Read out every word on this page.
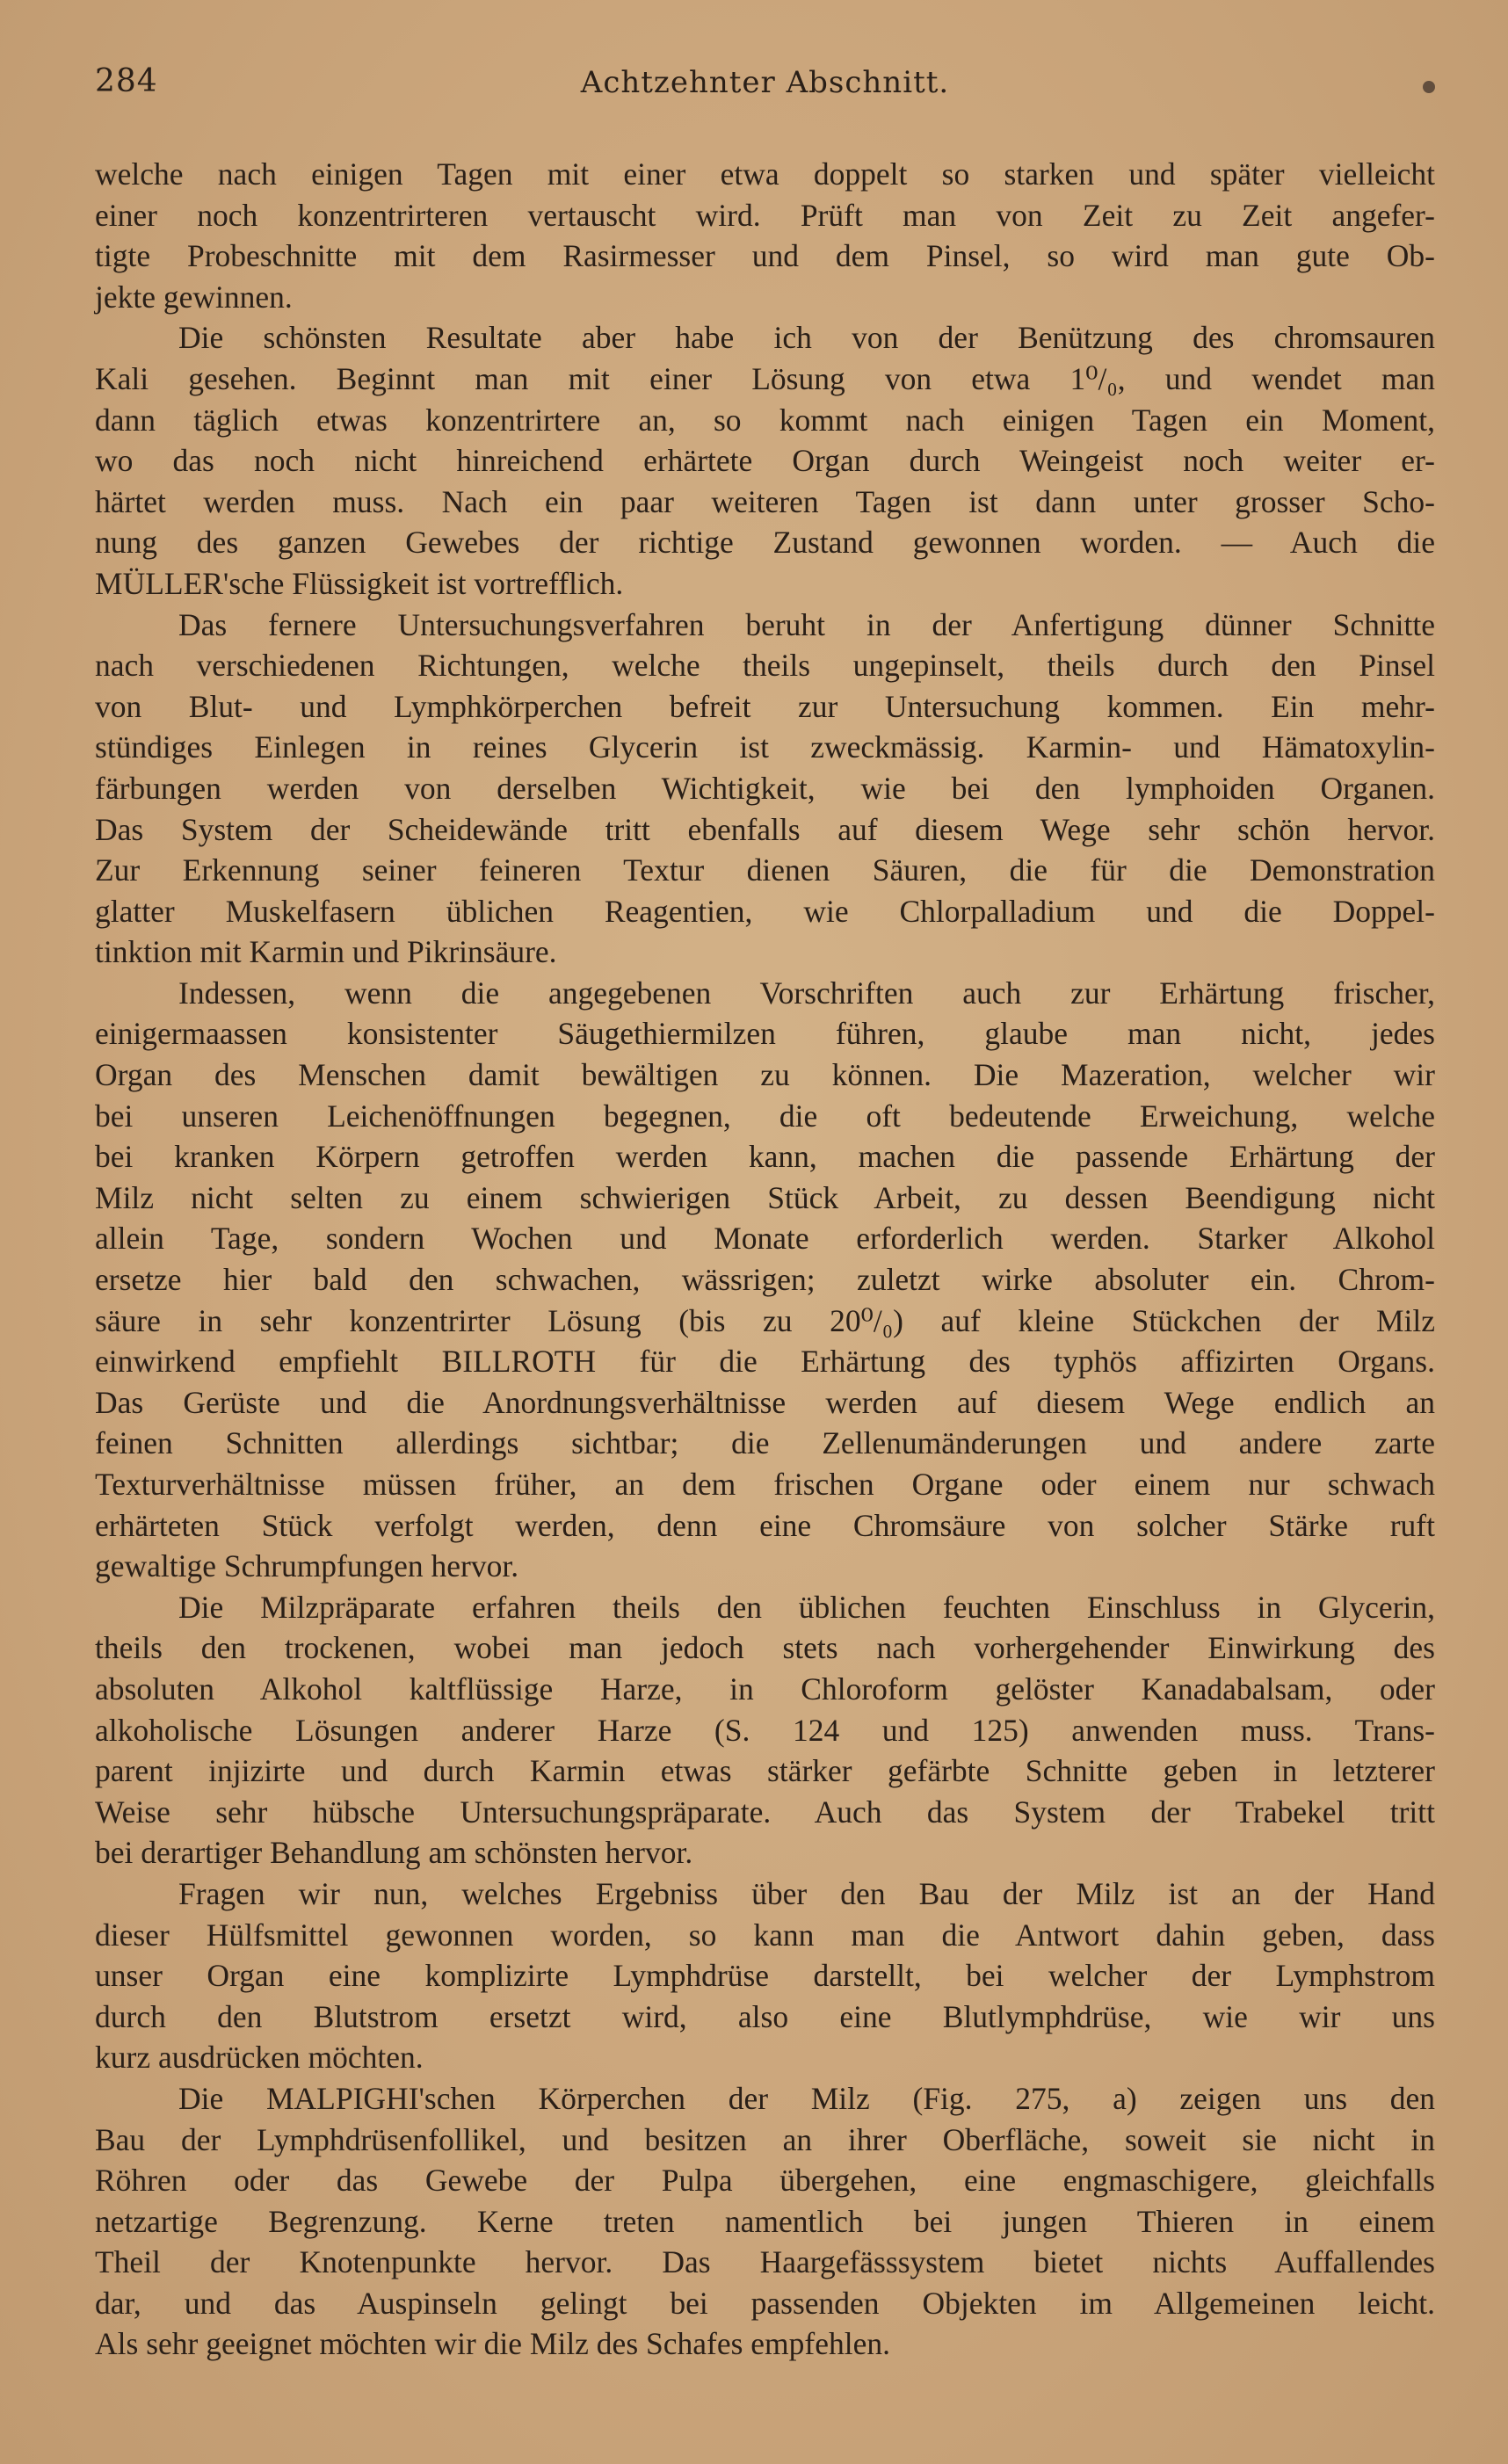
284	Achtzehnter Abschnitt.
welche nach einigen Tagen mit einer etwa doppelt so starken und später vielleicht
einer noch konzentrirteren vertauscht wird. Prüft man von Zeit zu Zeit angefer-
tigte Probeschnitte mit dem Rasirmesser und dem Pinsel, so wird man gute Ob-
jekte gewinnen.
Die schönsten Resultate aber habe ich von der Benützung des chromsauren
Kali gesehen. Beginnt man mit einer Lösung von etwa 1⁰/₀, und wendet man
dann täglich etwas konzentrirtere an, so kommt nach einigen Tagen ein Moment,
wo das noch nicht hinreichend erhärtete Organ durch Weingeist noch weiter er-
härtet werden muss. Nach ein paar weiteren Tagen ist dann unter grosser Scho-
nung des ganzen Gewebes der richtige Zustand gewonnen worden. — Auch die
MÜLLER'sche Flüssigkeit ist vortrefflich.
Das fernere Untersuchungsverfahren beruht in der Anfertigung dünner Schnitte
nach verschiedenen Richtungen, welche theils ungepinselt, theils durch den Pinsel
von Blut- und Lymphkörperchen befreit zur Untersuchung kommen. Ein mehr-
stündiges Einlegen in reines Glycerin ist zweckmässig. Karmin- und Hämatoxylin-
färbungen werden von derselben Wichtigkeit, wie bei den lymphoiden Organen.
Das System der Scheidewände tritt ebenfalls auf diesem Wege sehr schön hervor.
Zur Erkennung seiner feineren Textur dienen Säuren, die für die Demonstration
glatter Muskelfasern üblichen Reagentien, wie Chlorpalladium und die Doppel-
tinktion mit Karmin und Pikrinsäure.
Indessen, wenn die angegebenen Vorschriften auch zur Erhärtung frischer,
einigermaassen konsistenter Säugethiermilzen führen, glaube man nicht, jedes
Organ des Menschen damit bewältigen zu können. Die Mazeration, welcher wir
bei unseren Leichenöffnungen begegnen, die oft bedeutende Erweichung, welche
bei kranken Körpern getroffen werden kann, machen die passende Erhärtung der
Milz nicht selten zu einem schwierigen Stück Arbeit, zu dessen Beendigung nicht
allein Tage, sondern Wochen und Monate erforderlich werden. Starker Alkohol
ersetze hier bald den schwachen, wässrigen; zuletzt wirke absoluter ein. Chrom-
säure in sehr konzentrirter Lösung (bis zu 20⁰/₀) auf kleine Stückchen der Milz
einwirkend empfiehlt BILLROTH für die Erhärtung des typhös affizirten Organs.
Das Gerüste und die Anordnungsverhältnisse werden auf diesem Wege endlich an
feinen Schnitten allerdings sichtbar; die Zellenumänderungen und andere zarte
Texturverhältnisse müssen früher, an dem frischen Organe oder einem nur schwach
erhärteten Stück verfolgt werden, denn eine Chromsäure von solcher Stärke ruft
gewaltige Schrumpfungen hervor.
Die Milzpräparate erfahren theils den üblichen feuchten Einschluss in Glycerin,
theils den trockenen, wobei man jedoch stets nach vorhergehender Einwirkung des
absoluten Alkohol kaltflüssige Harze, in Chloroform gelöster Kanadabalsam, oder
alkoholische Lösungen anderer Harze (S. 124 und 125) anwenden muss. Trans-
parent injizirte und durch Karmin etwas stärker gefärbte Schnitte geben in letzterer
Weise sehr hübsche Untersuchungspräparate. Auch das System der Trabekel tritt
bei derartiger Behandlung am schönsten hervor.
Fragen wir nun, welches Ergebniss über den Bau der Milz ist an der Hand
dieser Hülfsmittel gewonnen worden, so kann man die Antwort dahin geben, dass
unser Organ eine komplizirte Lymphdrüse darstellt, bei welcher der Lymphstrom
durch den Blutstrom ersetzt wird, also eine Blutlymphdrüse, wie wir uns
kurz ausdrücken möchten.
Die MALPIGHI'schen Körperchen der Milz (Fig. 275, a) zeigen uns den
Bau der Lymphdrüsenfollikel, und besitzen an ihrer Oberfläche, soweit sie nicht in
Röhren oder das Gewebe der Pulpa übergehen, eine engmaschigere, gleichfalls
netzartige Begrenzung. Kerne treten namentlich bei jungen Thieren in einem
Theil der Knotenpunkte hervor. Das Haargefässsystem bietet nichts Auffallendes
dar, und das Auspinseln gelingt bei passenden Objekten im Allgemeinen leicht.
Als sehr geeignet möchten wir die Milz des Schafes empfehlen.
